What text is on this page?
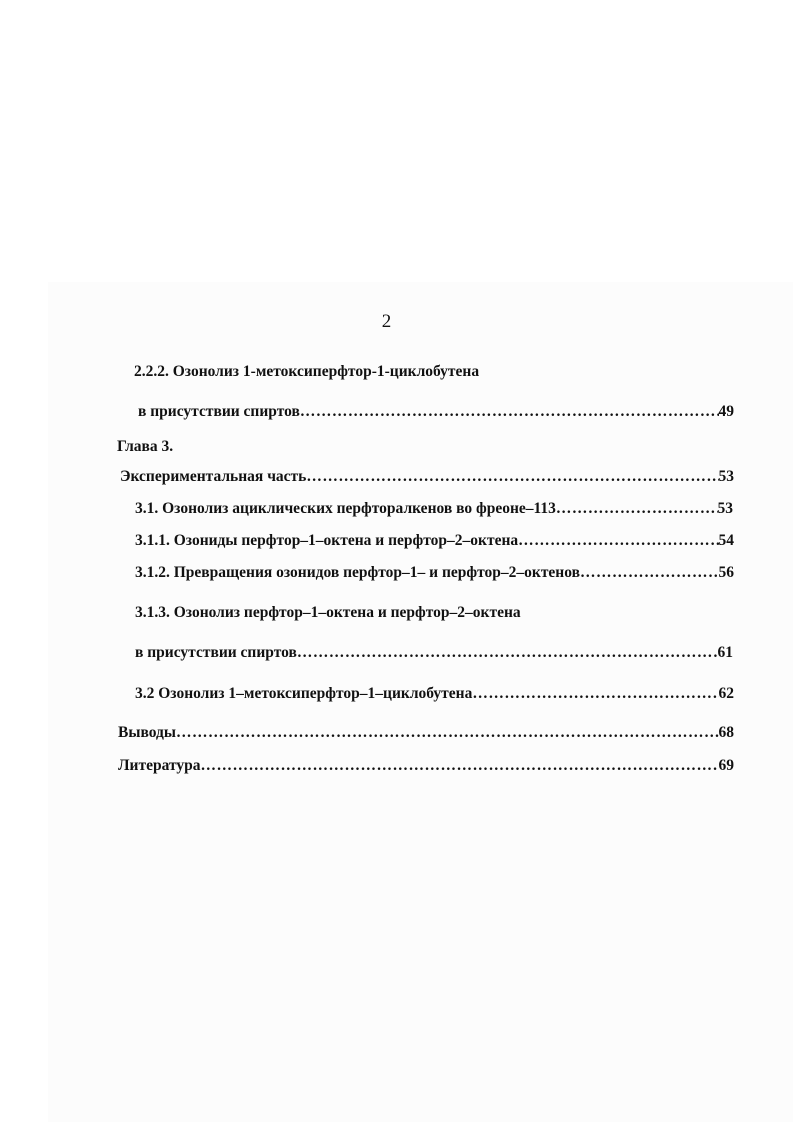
2
2.2.2. Озонолиз 1-метоксиперфтор-1-циклобутена
в присутствии спиртов ……………………………………………………………………………………………………………………………………………………	49
Глава 3.
Экспериментальная часть ……………………………………………………………………………………………………………………………………………………	53
3.1. Озонолиз ациклических перфторалкенов во фреоне–113 ……………………………………………………………………………………………………………………………………………………	53
3.1.1. Озониды перфтор–1–октена и перфтор–2–октена ……………………………………………………………………………………………………………………………………………………	54
3.1.2. Превращения озонидов перфтор–1– и перфтор–2–октенов ……………………………………………………………………………………………………………………………………………………	56
3.1.3. Озонолиз перфтор–1–октена и перфтор–2–октена
в присутствии спиртов ……………………………………………………………………………………………………………………………………………………	61
3.2 Озонолиз 1–метоксиперфтор–1–циклобутена ……………………………………………………………………………………………………………………………………………………	62
Выводы ……………………………………………………………………………………………………………………………………………………	68
Литература ……………………………………………………………………………………………………………………………………………………	69
